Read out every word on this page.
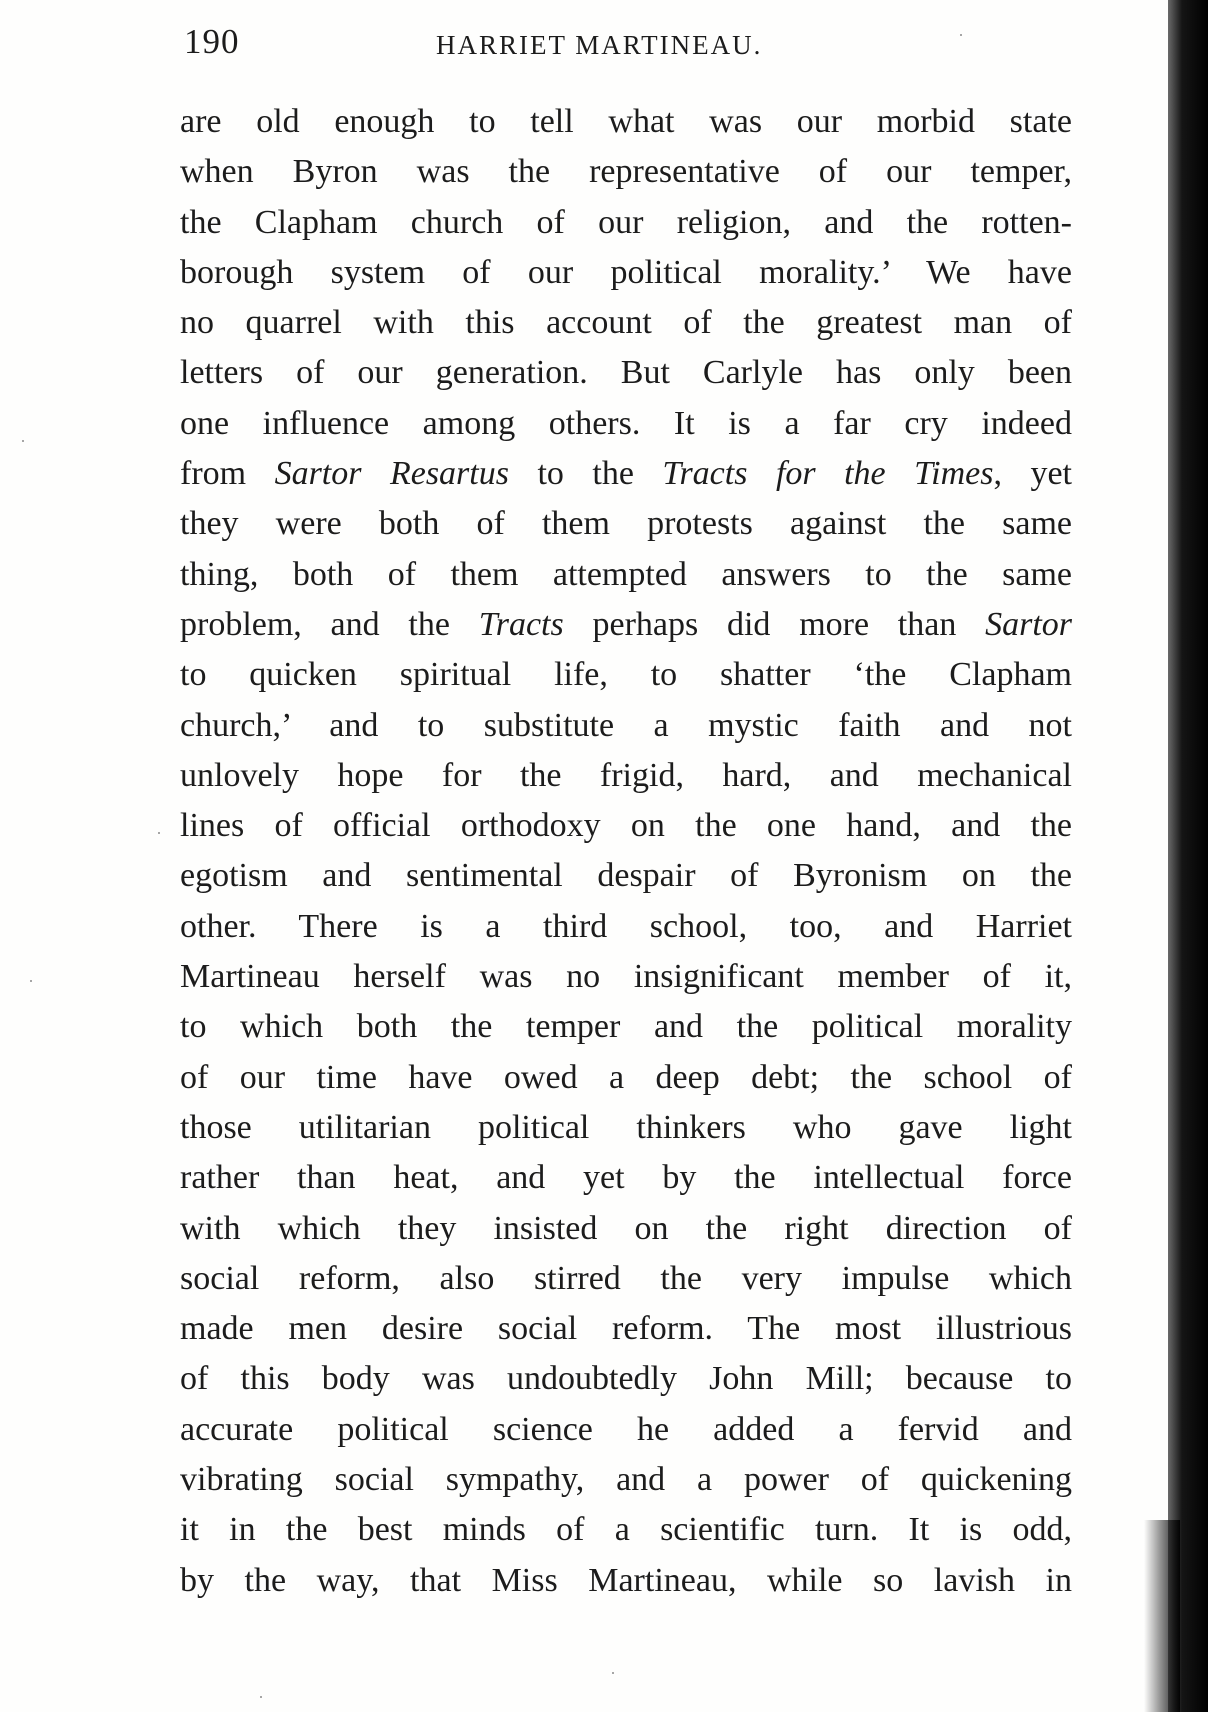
190	HARRIET MARTINEAU.
are old enough to tell what was our morbid state
when Byron was the representative of our temper,
the Clapham church of our religion, and the rotten-
borough system of our political morality.’ We have
no quarrel with this account of the greatest man of
letters of our generation. But Carlyle has only been
one influence among others. It is a far cry indeed
from Sartor Resartus to the Tracts for the Times, yet
they were both of them protests against the same
thing, both of them attempted answers to the same
problem, and the Tracts perhaps did more than Sartor
to quicken spiritual life, to shatter ‘the Clapham
church,’ and to substitute a mystic faith and not
unlovely hope for the frigid, hard, and mechanical
lines of official orthodoxy on the one hand, and the
egotism and sentimental despair of Byronism on the
other. There is a third school, too, and Harriet
Martineau herself was no insignificant member of it,
to which both the temper and the political morality
of our time have owed a deep debt; the school of
those utilitarian political thinkers who gave light
rather than heat, and yet by the intellectual force
with which they insisted on the right direction of
social reform, also stirred the very impulse which
made men desire social reform. The most illustrious
of this body was undoubtedly John Mill; because to
accurate political science he added a fervid and
vibrating social sympathy, and a power of quickening
it in the best minds of a scientific turn. It is odd,
by the way, that Miss Martineau, while so lavish in
